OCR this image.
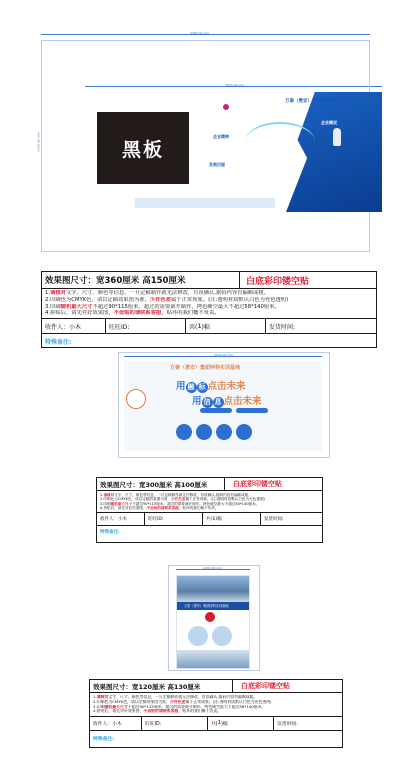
4380.00 mm
3600.00 mm
1500.00 mm	黑板
万泰（勇安）集团呼科实训基地
企业精神
发展历程
企业概况
效果图尺寸：宽360厘米 高150厘米	白底彩印镂空贴

1.请核对文字、尺寸、颜色等信息，一旦定稿制作就无法修改，有误确认,据码内容有偏颇或粗。

2.印刷色为CMYK色，请以定稿效果图为准，少许色差属于正常现象。(注:透明材质默认白色为充色透明)

3.印刷随机最大尺寸不超过90*115厘米，超过的需要裁开制作。拷色硬空最大不超过58*140厘米。

4.拼贴后，请先对好效果图，不齿贴的请联系客服，贴坏的我们概不负责。

收件人： 小木	旺旺ID:	共( 1 )幅	发货时间:
特殊备注:
3000.00 mm
万泰（勇安）集团呼科实训基地
用 融 标 点击未来
用 信 息 点击未来
效果图尺寸：宽300厘米 高100厘米	白底彩印镂空贴

1.请核对文字、尺寸、颜色等信息，一旦定稿制作就无法修改，有误确认,据码内容有偏颇或粗。

2.印刷色为CMYK色，请以定稿效果图为准，少许色差属于正常现象。(注:透明材质默认白色为充色透明)

3.印刷随机最大尺寸不超过90*115厘米，超过的需要裁开制作。拷色硬空最大不超过58*140厘米。

4.拼贴后，请先对好效果图，不齿贴的请联系客服，贴坏的我们概不负责。

收件人： 小木	旺旺ID:	共( 1 )幅	发货时间:
特殊备注:
1200.00 mm
万泰（勇安）集团呼科实训基地
效果图尺寸：宽120厘米 高130厘米	白底彩印镂空贴

1.请核对文字、尺寸、颜色等信息，一旦定稿制作就无法修改，有误确认,据码内容有偏颇或粗。

2.印刷色为CMYK色，请以定稿效果图为准，少许色差属于正常现象。(注:透明材质默认白色为充色透明)

3.印刷随机最大尺寸不超过90*115厘米，超过的需要裁开制作。拷色硬空最大不超过58*140厘米。

4.拼贴后，请先对好效果图，不齿贴的请联系客服，贴坏的我们概不负责。

收件人： 小木	旺旺ID:	共( 1 )幅	发货时间:
特殊备注:
